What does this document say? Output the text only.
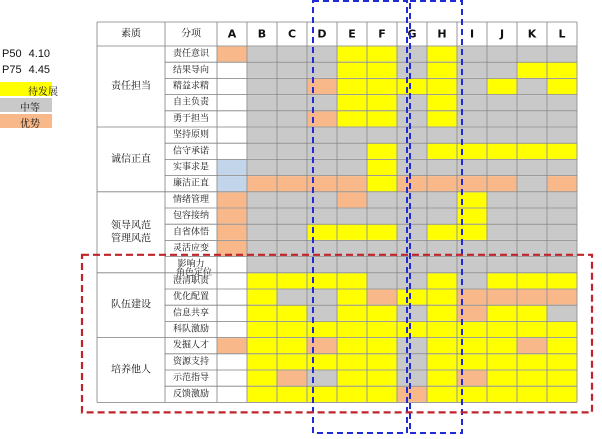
P50 4.10
P75 4.45
待发展
中等
优势
素质	分项 A B C D E F G H I J K L
责任意识
结果导向
精益求精
自主负责
勇于担当
坚持原则
信守承诺
实事求是
廉洁正直
情绪管理
包容接纳
自省体悟
灵活应变
影响力
澄清职责
优化配置
信息共享
科队激励
发掘人才
资源支持
示范指导
反馈激励
责任担当
诚信正直
领导风范
管理风范
队伍建设
培养他人
角色定位
